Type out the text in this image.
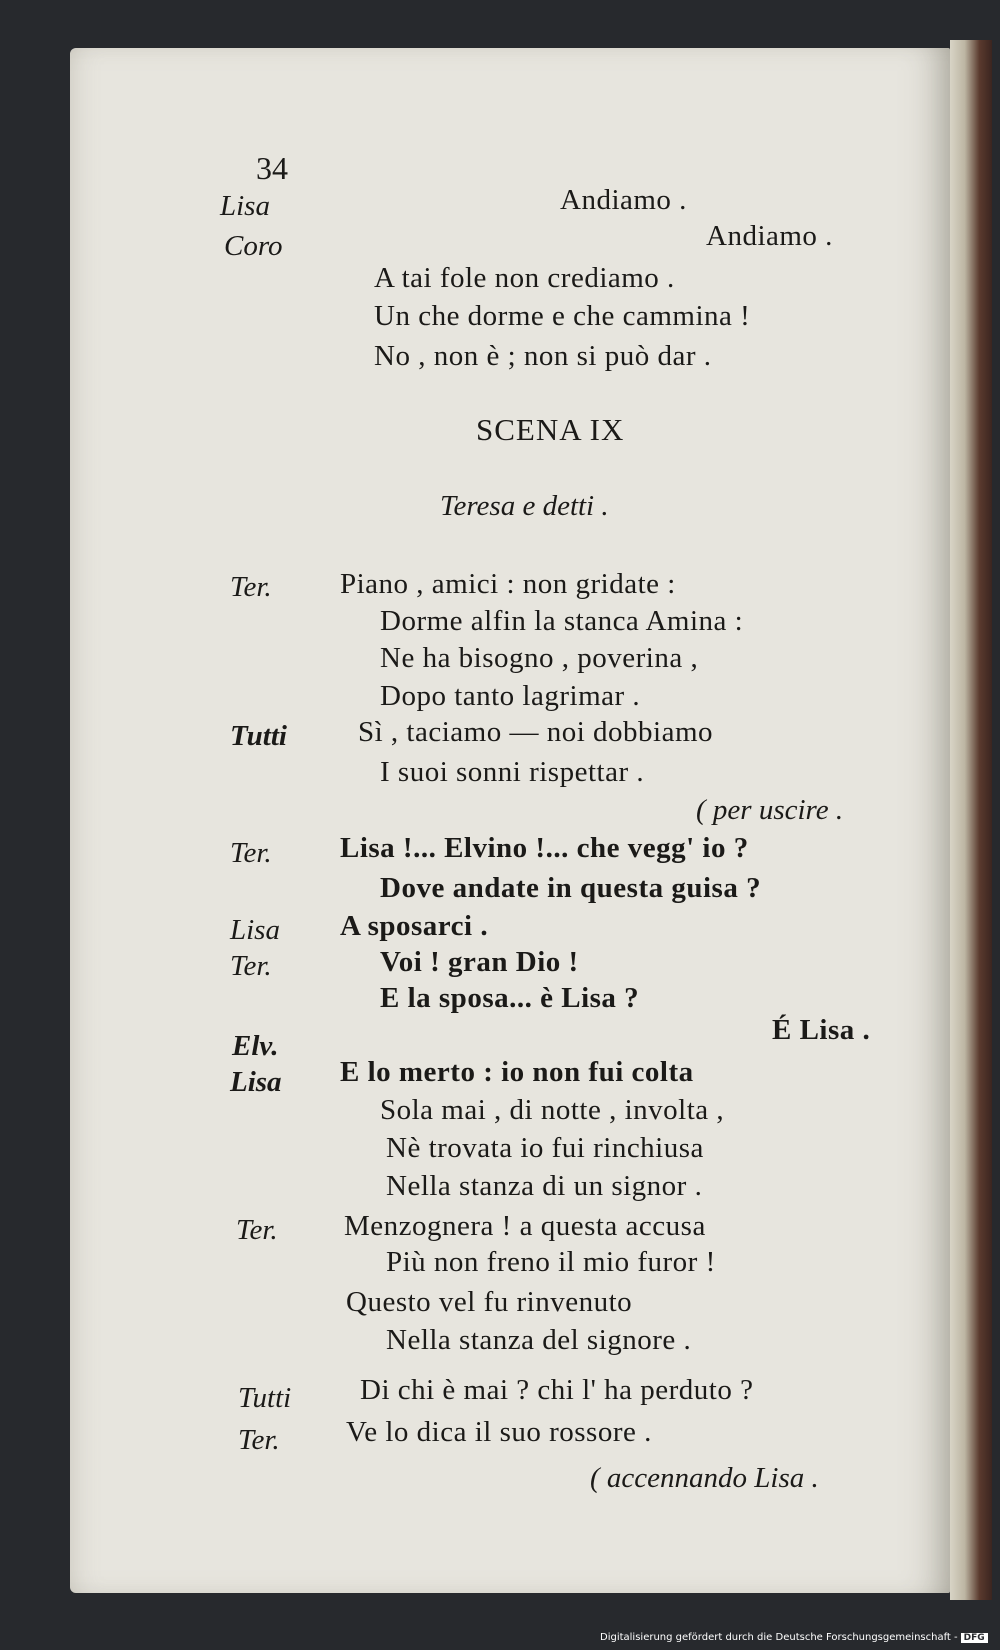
34
Lisa	Andiamo .
Coro	Andiamo .
A tai fole non crediamo .
Un che dorme e che cammina !
No , non è ; non si può dar .
SCENA IX
Teresa e detti .
Ter. Piano , amici : non gridate :
Dorme alfin la stanca Amina :
Ne ha bisogno , poverina ,
Dopo tanto lagrimar .
Tutti Sì , taciamo — noi dobbiamo
I suoi sonni rispettar .
( per uscire .
Ter. Lisa !... Elvino !... che vegg' io ?
Dove andate in questa guisa ?
Lisa A sposarci .
Ter.	Voi ! gran Dio !
E la sposa... è Lisa ?
Elv.	É Lisa .
Lisa E lo merto : io non fui colta
Sola mai , di notte , involta ,
Nè trovata io fui rinchiusa
Nella stanza di un signor .
Ter. Menzognera ! a questa accusa
Più non freno il mio furor !
Questo vel fu rinvenuto
Nella stanza del signore .
Tutti Di chi è mai ? chi l' ha perduto ?
Ter. Ve lo dica il suo rossore .
( accennando Lisa .
Digitalisierung gefördert durch die Deutsche Forschungsgemeinschaft - DFG
